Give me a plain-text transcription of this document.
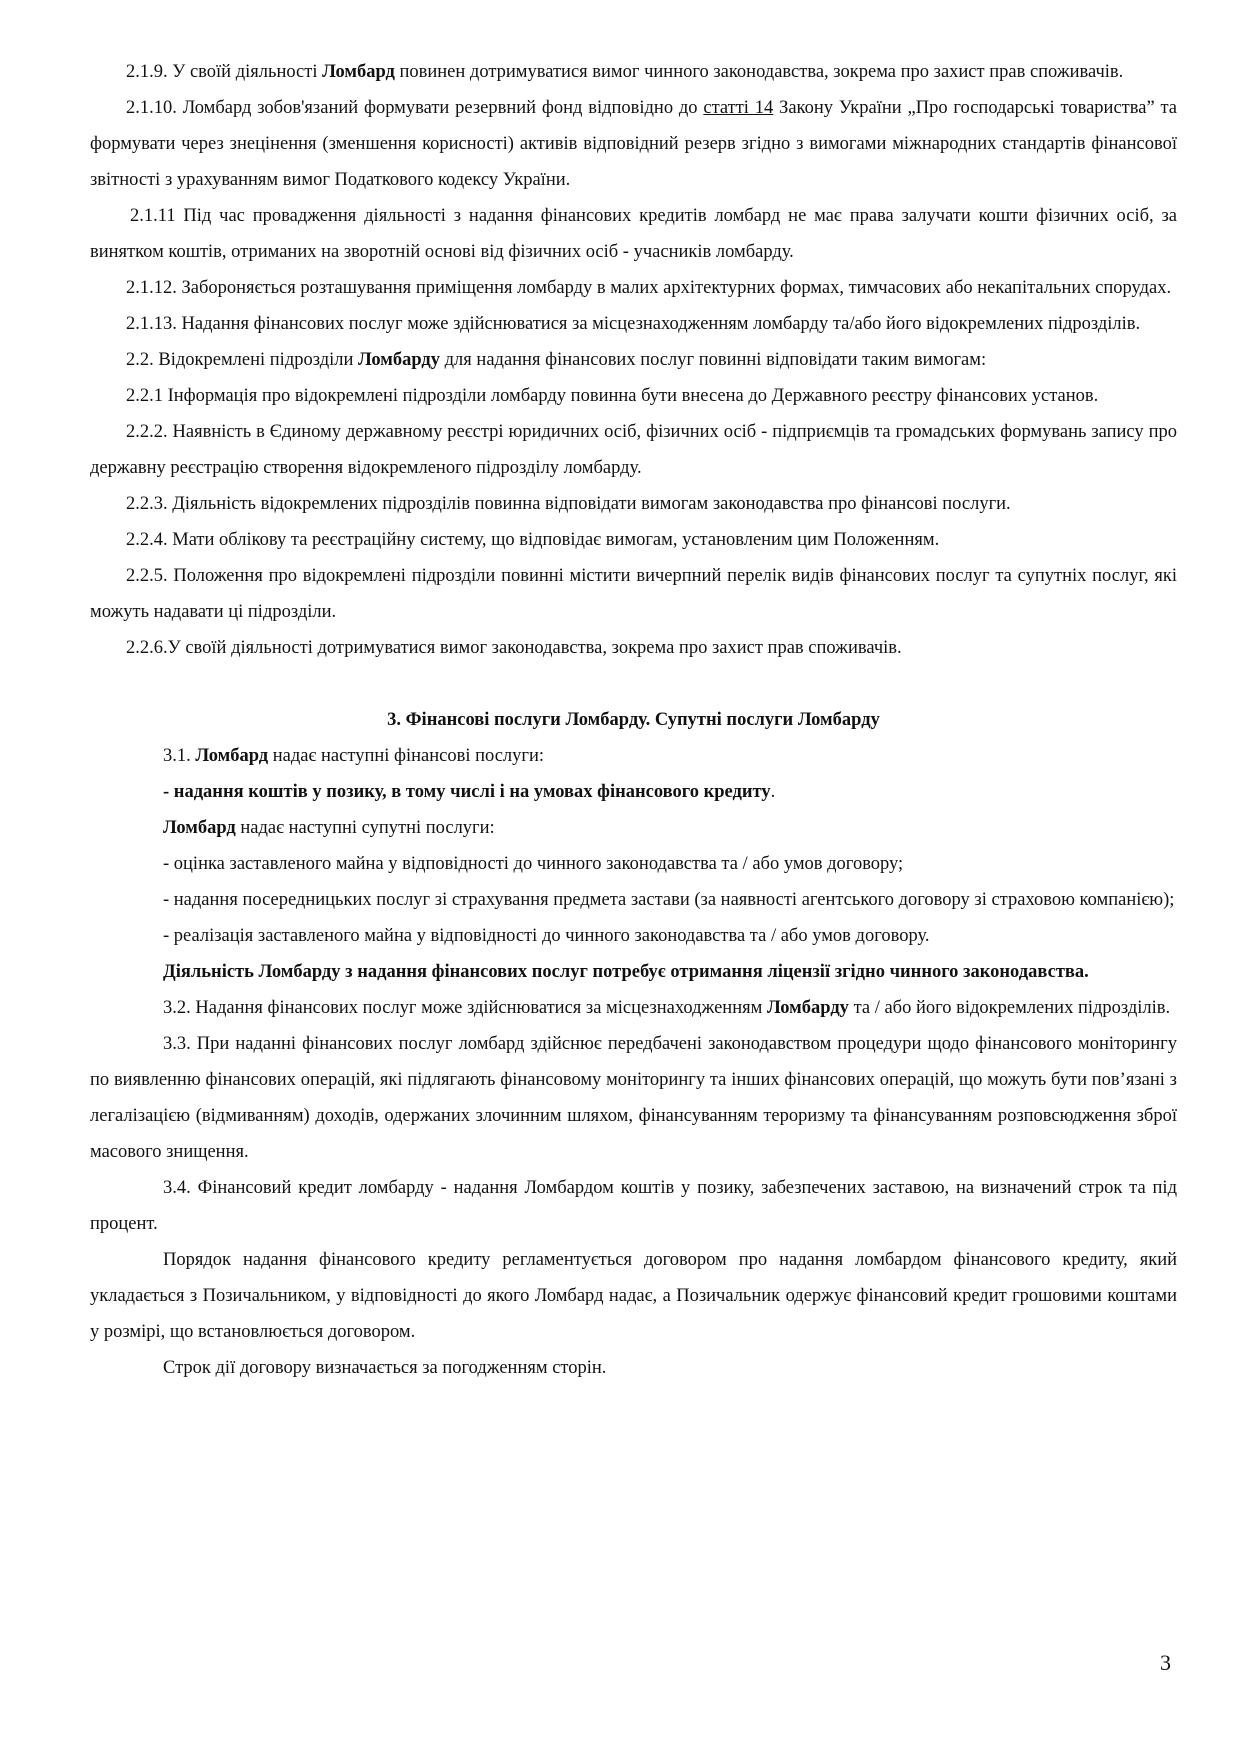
2.1.9. У своїй діяльності Ломбард повинен дотримуватися вимог чинного законодавства, зокрема про захист прав споживачів.

2.1.10. Ломбард зобов'язаний формувати резервний фонд відповідно до статті 14 Закону України „Про господарські товариства” та формувати через знецінення (зменшення корисності) активів відповідний резерв згідно з вимогами міжнародних стандартів фінансової звітності з урахуванням вимог Податкового кодексу України.

2.1.11 Під час провадження діяльності з надання фінансових кредитів ломбард не має права залучати кошти фізичних осіб, за винятком коштів, отриманих на зворотній основі від фізичних осіб - учасників ломбарду.

2.1.12. Забороняється розташування приміщення ломбарду в малих архітектурних формах, тимчасових або некапітальних спорудах.

2.1.13. Надання фінансових послуг може здійснюватися за місцезнаходженням ломбарду та/або його відокремлених підрозділів.

2.2. Відокремлені підрозділи Ломбарду для надання фінансових послуг повинні відповідати таким вимогам:

2.2.1 Інформація про відокремлені підрозділи ломбарду повинна бути внесена до Державного реєстру фінансових установ.

2.2.2. Наявність в Єдиному державному реєстрі юридичних осіб, фізичних осіб - підприємців та громадських формувань запису про державну реєстрацію створення відокремленого підрозділу ломбарду.

2.2.3. Діяльність відокремлених підрозділів повинна відповідати вимогам законодавства про фінансові послуги.

2.2.4. Мати облікову та реєстраційну систему, що відповідає вимогам, установленим цим Положенням.

2.2.5. Положення про відокремлені підрозділи повинні містити вичерпний перелік видів фінансових послуг та супутніх послуг, які можуть надавати ці підрозділи.

2.2.6.У своїй діяльності дотримуватися вимог законодавства, зокрема про захист прав споживачів.

3. Фінансові послуги Ломбарду. Супутні послуги Ломбарду

3.1. Ломбард надає наступні фінансові послуги:

- надання коштів у позику, в тому числі і на умовах фінансового кредиту.

Ломбард надає наступні супутні послуги:

- оцінка заставленого майна у відповідності до чинного законодавства та / або умов договору;

- надання посередницьких послуг зі страхування предмета застави (за наявності агентського договору зі страховою компанією);

- реалізація заставленого майна у відповідності до чинного законодавства та / або умов договору.

Діяльність Ломбарду з надання фінансових послуг потребує отримання ліцензії згідно чинного законодавства.

3.2. Надання фінансових послуг може здійснюватися за місцезнаходженням Ломбарду та / або його відокремлених підрозділів.

3.3. При наданні фінансових послуг ломбард здійснює передбачені законодавством процедури щодо фінансового моніторингу по виявленню фінансових операцій, які підлягають фінансовому моніторингу та інших фінансових операцій, що можуть бути пов’язані з легалізацією (відмиванням) доходів, одержаних злочинним шляхом, фінансуванням тероризму та фінансуванням розповсюдження зброї масового знищення.

3.4. Фінансовий кредит ломбарду - надання Ломбардом коштів у позику, забезпечених заставою, на визначений строк та під процент.

Порядок надання фінансового кредиту регламентується договором про надання ломбардом фінансового кредиту, який укладається з Позичальником, у відповідності до якого Ломбард надає, а Позичальник одержує фінансовий кредит грошовими коштами у розмірі, що встановлюється договором.

Строк дії договору визначається за погодженням сторін.

3
